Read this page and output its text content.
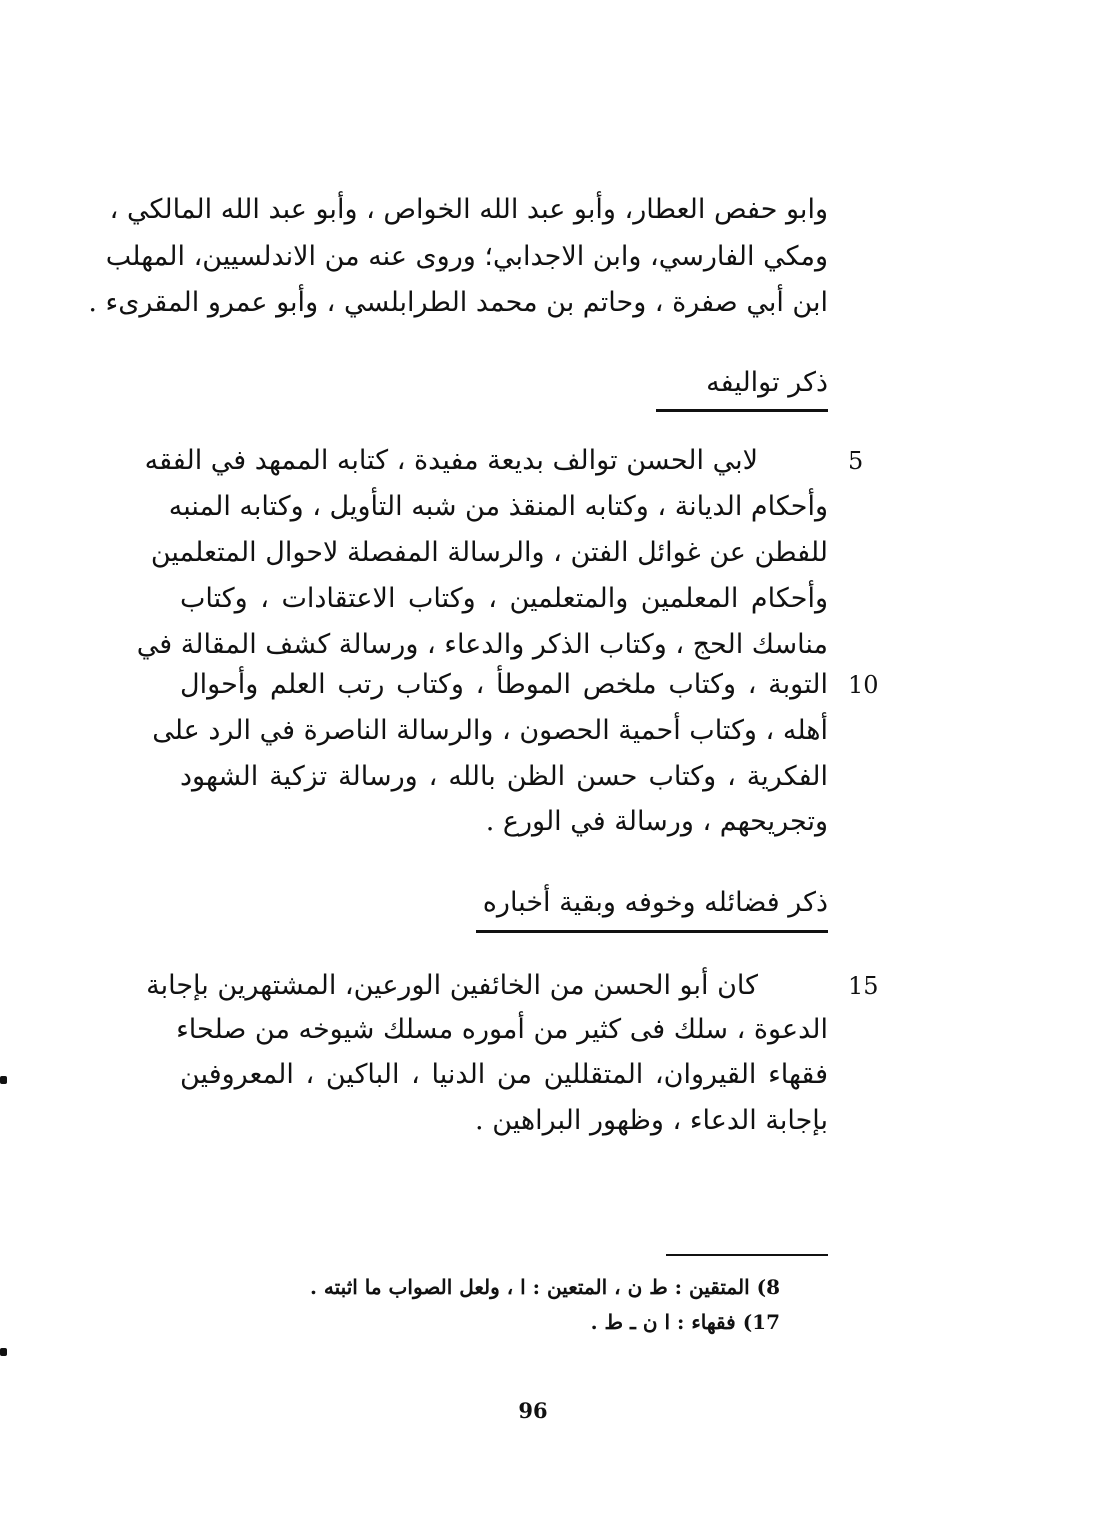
وابو حفص العطار، وأبو عبد الله الخواص ، وأبو عبد الله المالكي ،
ومكي الفارسي، وابن الاجدابي؛ وروى عنه من الاندلسيين، المهلب
ابن أبي صفرة ، وحاتم بن محمد الطرابلسي ، وأبو عمرو المقرىء .
ذكر تواليفه
5
لابي الحسن توالف بديعة مفيدة ، كتابه الممهد في الفقه
وأحكام الديانة ، وكتابه المنقذ من شبه التأويل ، وكتابه المنبه
للفطن عن غوائل الفتن ، والرسالة المفصلة لاحوال المتعلمين
وأحكام المعلمين والمتعلمين ، وكتاب الاعتقادات ، وكتاب
مناسك الحج ، وكتاب الذكر والدعاء ، ورسالة كشف المقالة في
10
التوبة ، وكتاب ملخص الموطأ ، وكتاب رتب العلم وأحوال
أهله ، وكتاب أحمية الحصون ، والرسالة الناصرة في الرد على
الفكرية ، وكتاب حسن الظن بالله ، ورسالة تزكية الشهود
وتجريحهم ، ورسالة في الورع .
ذكر فضائله وخوفه وبقية أخباره
15
كان أبو الحسن من الخائفين الورعين، المشتهرين بإجابة
الدعوة ، سلك فى كثير من أموره مسلك شيوخه من صلحاء
فقهاء القيروان، المتقللين من الدنيا ، الباكين ، المعروفين
بإجابة الدعاء ، وظهور البراهين .
8) المتقين : ط ن ، المتعين : ا ، ولعل الصواب ما اثبته .
17) فقهاء : ا ن ـ ط .
96
